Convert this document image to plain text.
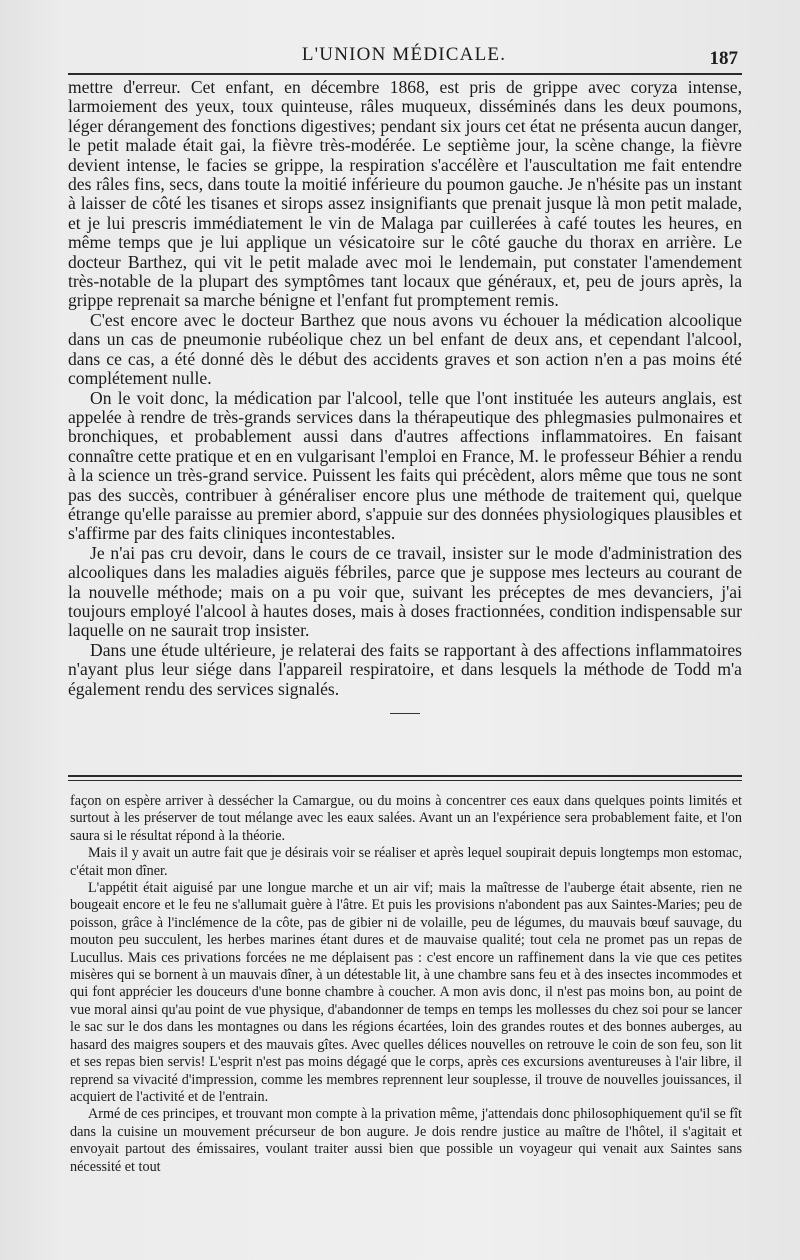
L'UNION MÉDICALE.	187

mettre d'erreur. Cet enfant, en décembre 1868, est pris de grippe avec coryza intense, larmoiement des yeux, toux quinteuse, râles muqueux, disséminés dans les deux poumons, léger dérangement des fonctions digestives; pendant six jours cet état ne présenta aucun danger, le petit malade était gai, la fièvre très-modérée. Le septième jour, la scène change, la fièvre devient intense, le facies se grippe, la respiration s'accélère et l'auscultation me fait entendre des râles fins, secs, dans toute la moitié inférieure du poumon gauche. Je n'hésite pas un instant à laisser de côté les tisanes et sirops assez insignifiants que prenait jusque là mon petit malade, et je lui prescris immédiatement le vin de Malaga par cuillerées à café toutes les heures, en même temps que je lui applique un vésicatoire sur le côté gauche du thorax en arrière. Le docteur Barthez, qui vit le petit malade avec moi le lendemain, put constater l'amendement très-notable de la plupart des symptômes tant locaux que généraux, et, peu de jours après, la grippe reprenait sa marche bénigne et l'enfant fut promptement remis.

C'est encore avec le docteur Barthez que nous avons vu échouer la médication alcoolique dans un cas de pneumonie rubéolique chez un bel enfant de deux ans, et cependant l'alcool, dans ce cas, a été donné dès le début des accidents graves et son action n'en a pas moins été complétement nulle.

On le voit donc, la médication par l'alcool, telle que l'ont instituée les auteurs anglais, est appelée à rendre de très-grands services dans la thérapeutique des phlegmasies pulmonaires et bronchiques, et probablement aussi dans d'autres affections inflammatoires. En faisant connaître cette pratique et en en vulgarisant l'emploi en France, M. le professeur Béhier a rendu à la science un très-grand service. Puissent les faits qui précèdent, alors même que tous ne sont pas des succès, contribuer à généraliser encore plus une méthode de traitement qui, quelque étrange qu'elle paraisse au premier abord, s'appuie sur des données physiologiques plausibles et s'affirme par des faits cliniques incontestables.

Je n'ai pas cru devoir, dans le cours de ce travail, insister sur le mode d'administration des alcooliques dans les maladies aiguës fébriles, parce que je suppose mes lecteurs au courant de la nouvelle méthode; mais on a pu voir que, suivant les préceptes de mes devanciers, j'ai toujours employé l'alcool à hautes doses, mais à doses fractionnées, condition indispensable sur laquelle on ne saurait trop insister.

Dans une étude ultérieure, je relaterai des faits se rapportant à des affections inflammatoires n'ayant plus leur siége dans l'appareil respiratoire, et dans lesquels la méthode de Todd m'a également rendu des services signalés.

façon on espère arriver à dessécher la Camargue, ou du moins à concentrer ces eaux dans quelques points limités et surtout à les préserver de tout mélange avec les eaux salées. Avant un an l'expérience sera probablement faite, et l'on saura si le résultat répond à la théorie.

Mais il y avait un autre fait que je désirais voir se réaliser et après lequel soupirait depuis longtemps mon estomac, c'était mon dîner.

L'appétit était aiguisé par une longue marche et un air vif; mais la maîtresse de l'auberge était absente, rien ne bougeait encore et le feu ne s'allumait guère à l'âtre. Et puis les provisions n'abondent pas aux Saintes-Maries; peu de poisson, grâce à l'inclémence de la côte, pas de gibier ni de volaille, peu de légumes, du mauvais bœuf sauvage, du mouton peu succulent, les herbes marines étant dures et de mauvaise qualité; tout cela ne promet pas un repas de Lucullus. Mais ces privations forcées ne me déplaisent pas : c'est encore un raffinement dans la vie que ces petites misères qui se bornent à un mauvais dîner, à un détestable lit, à une chambre sans feu et à des insectes incommodes et qui font apprécier les douceurs d'une bonne chambre à coucher. A mon avis donc, il n'est pas moins bon, au point de vue moral ainsi qu'au point de vue physique, d'abandonner de temps en temps les mollesses du chez soi pour se lancer le sac sur le dos dans les montagnes ou dans les régions écartées, loin des grandes routes et des bonnes auberges, au hasard des maigres soupers et des mauvais gîtes. Avec quelles délices nouvelles on retrouve le coin de son feu, son lit et ses repas bien servis! L'esprit n'est pas moins dégagé que le corps, après ces excursions aventureuses à l'air libre, il reprend sa vivacité d'impression, comme les membres reprennent leur souplesse, il trouve de nouvelles jouissances, il acquiert de l'activité et de l'entrain.

Armé de ces principes, et trouvant mon compte à la privation même, j'attendais donc philosophiquement qu'il se fît dans la cuisine un mouvement précurseur de bon augure. Je dois rendre justice au maître de l'hôtel, il s'agitait et envoyait partout des émissaires, voulant traiter aussi bien que possible un voyageur qui venait aux Saintes sans nécessité et tout
